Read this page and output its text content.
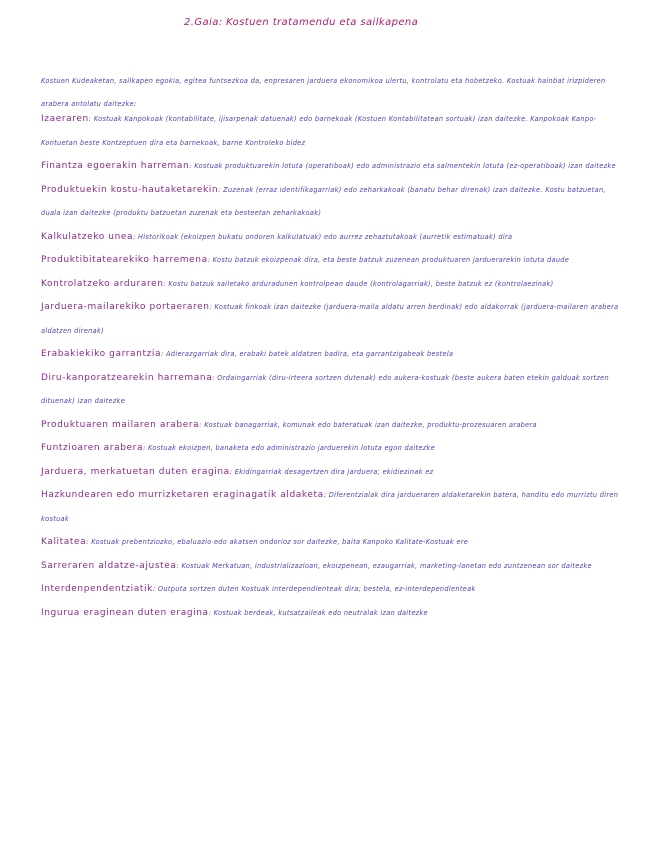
2.Gaia: Kostuen tratamendu eta sailkapena

Kostuen Kudeaketan, sailkapen egokia, egitea funtsezkoa da, enpresaren jarduera ekonomikoa ulertu, kontrolatu eta hobetzeko. Kostuak hainbat irizpideren arabera antolatu daitezke:

Izaeraren: Kostuak Kanpokoak (kontabilitate, ijisarpenak datuenak) edo barnekoak (Kostuen Kontabilitatean sortuak) izan daitezke. Kanpokoak Kanpo-Kontuetan beste Kontzeptuen dira eta barnekoak, barne Kontroleko bidez

Finantza egoerakin harreman: Kostuak produktuarekin lotuta (operatiboak) edo administrazio eta salmentekin lotuta (ez-operatiboak) izan daitezke

Produktuekin kostu-hautaketarekin: Zuzenak (erraz identifikagarriak) edo zeharkakoak (banatu behar direnak) izan daitezke. Kostu batzuetan, duala izan daitezke (produktu batzuetan zuzenak eta besteetan zeharkakoak)

Kalkulatzeko unea: Historikoak (ekoizpen bukatu ondoren kalkulatuak) edo aurrez zehaztutakoak (aurretik estimatuak) dira

Produktibitatearekiko harremena: Kostu batzuk ekoizpenak dira, eta beste batzuk zuzenean produktuaren jarduerarekin lotuta daude

Kontrolatzeko arduraren: Kostu batzuk sailetako arduradunen kontrolpean daude (kontrolagarriak), beste batzuk ez (kontrolaezinak)

Jarduera-mailarekiko portaeraren: Kostuak finkoak izan daitezke (jarduera-maila aldatu arren berdinak) edo aldakorrak (jarduera-mailaren arabera aldatzen direnak)

Erabakiekiko garrantzia: Adierazgarriak dira, erabaki batek aldatzen badira, eta garrantzigabeak bestela

Diru-kanporatzearekin harremana: Ordaingarriak (diru-irteera sortzen dutenak) edo aukera-kostuak (beste aukera baten etekin galduak sortzen dituenak) izan daitezke

Produktuaren mailaren arabera: Kostuak banagarriak, komunak edo bateratuak izan daitezke, produktu-prozesuaren arabera

Funtzioaren arabera: Kostuak ekoizpen, banaketa edo administrazio jarduerekin lotuta egon daitezke

Jarduera, merkatuetan duten eragina: Ekidingarriak desagertzen dira jarduera; ekidiezinak ez

Hazkundearen edo murrizketaren eraginagatik aldaketa: Diferentzialak dira jardueraren aldaketarekin batera, handitu edo murriztu diren kostuak

Kalitatea: Kostuak prebentziozko, ebaluazio edo akatsen ondorioz sor daitezke, baita Kanpoko Kalitate-Kostuak ere

Sarreraren aldatze-ajustea: Kostuak Merkatuan, industrializazioan, ekoizpenean, ezaugarriak, marketing-lanetan edo zuntzenean sor daitezke

Interdenpendentziatik: Outputa sortzen duten Kostuak interdependienteak dira; bestela, ez-interdependienteak

Ingurua eraginean duten eragina: Kostuak berdeak, kutsatzaileak edo neutralak izan daitezke
